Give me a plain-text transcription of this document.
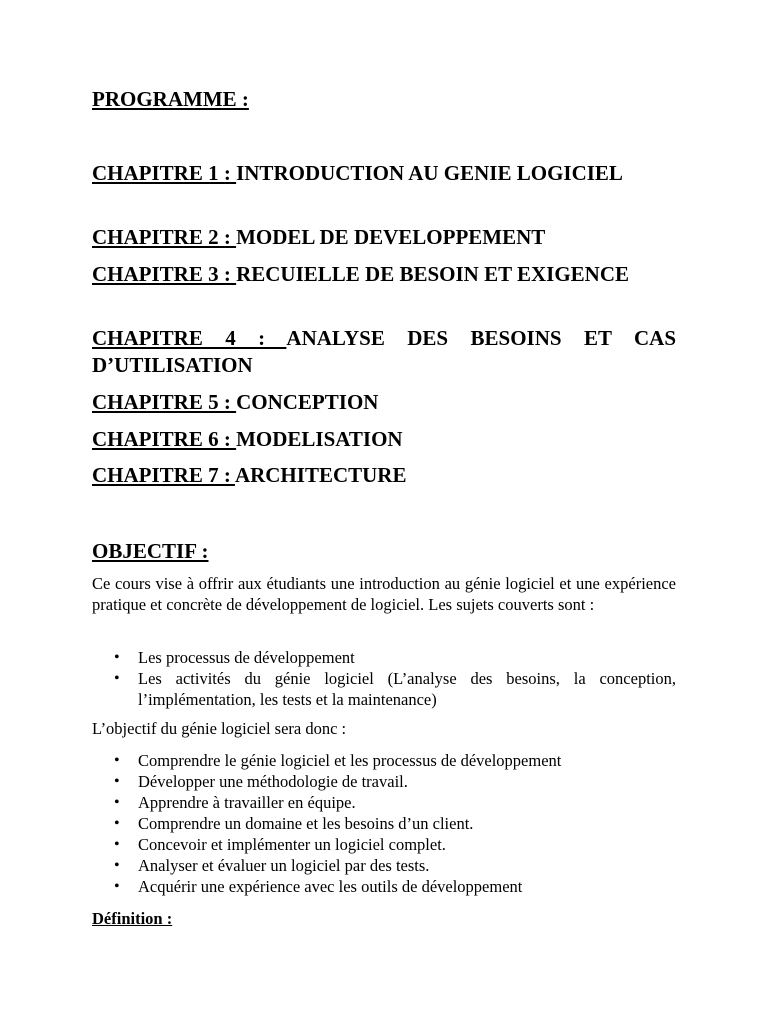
PROGRAMME :

CHAPITRE 1 : INTRODUCTION AU GENIE LOGICIEL

CHAPITRE 2 : MODEL DE DEVELOPPEMENT

CHAPITRE 3 : RECUIELLE DE BESOIN ET EXIGENCE

CHAPITRE 4 : ANALYSE DES BESOINS ET CAS D’UTILISATION

CHAPITRE 5 : CONCEPTION

CHAPITRE 6 : MODELISATION

CHAPITRE 7 : ARCHITECTURE

OBJECTIF :

Ce cours vise à offrir aux étudiants une introduction au génie logiciel et une expérience pratique et concrète de développement de logiciel. Les sujets couverts sont :

• Les processus de développement
• Les activités du génie logiciel (L’analyse des besoins, la conception, l’implémentation, les tests et la maintenance)

L’objectif du génie logiciel sera donc :

• Comprendre le génie logiciel et les processus de développement
• Développer une méthodologie de travail.
• Apprendre à travailler en équipe.
• Comprendre un domaine et les besoins d’un client.
• Concevoir et implémenter un logiciel complet.
• Analyser et évaluer un logiciel par des tests.
• Acquérir une expérience avec les outils de développement

Définition :
